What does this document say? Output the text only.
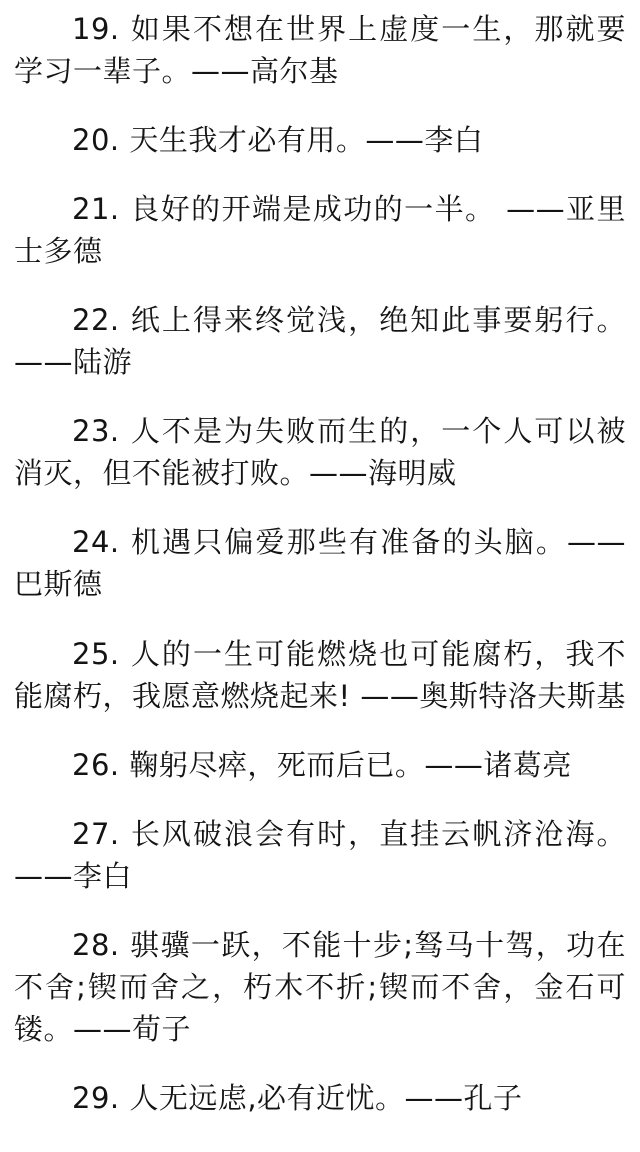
19. 如果不想在世界上虚度一生，那就要学习一辈子。——高尔基

20. 天生我才必有用。——李白

21. 良好的开端是成功的一半。 ——亚里士多德

22. 纸上得来终觉浅，绝知此事要躬行。——陆游

23. 人不是为失败而生的，一个人可以被消灭，但不能被打败。——海明威

24. 机遇只偏爱那些有准备的头脑。——巴斯德

25. 人的一生可能燃烧也可能腐朽，我不能腐朽，我愿意燃烧起来! ——奥斯特洛夫斯基

26. 鞠躬尽瘁，死而后已。——诸葛亮

27. 长风破浪会有时，直挂云帆济沧海。——李白

28. 骐骥一跃，不能十步;驽马十驾，功在不舍;锲而舍之，朽木不折;锲而不舍，金石可镂。——荀子

29. 人无远虑,必有近忧。——孔子
